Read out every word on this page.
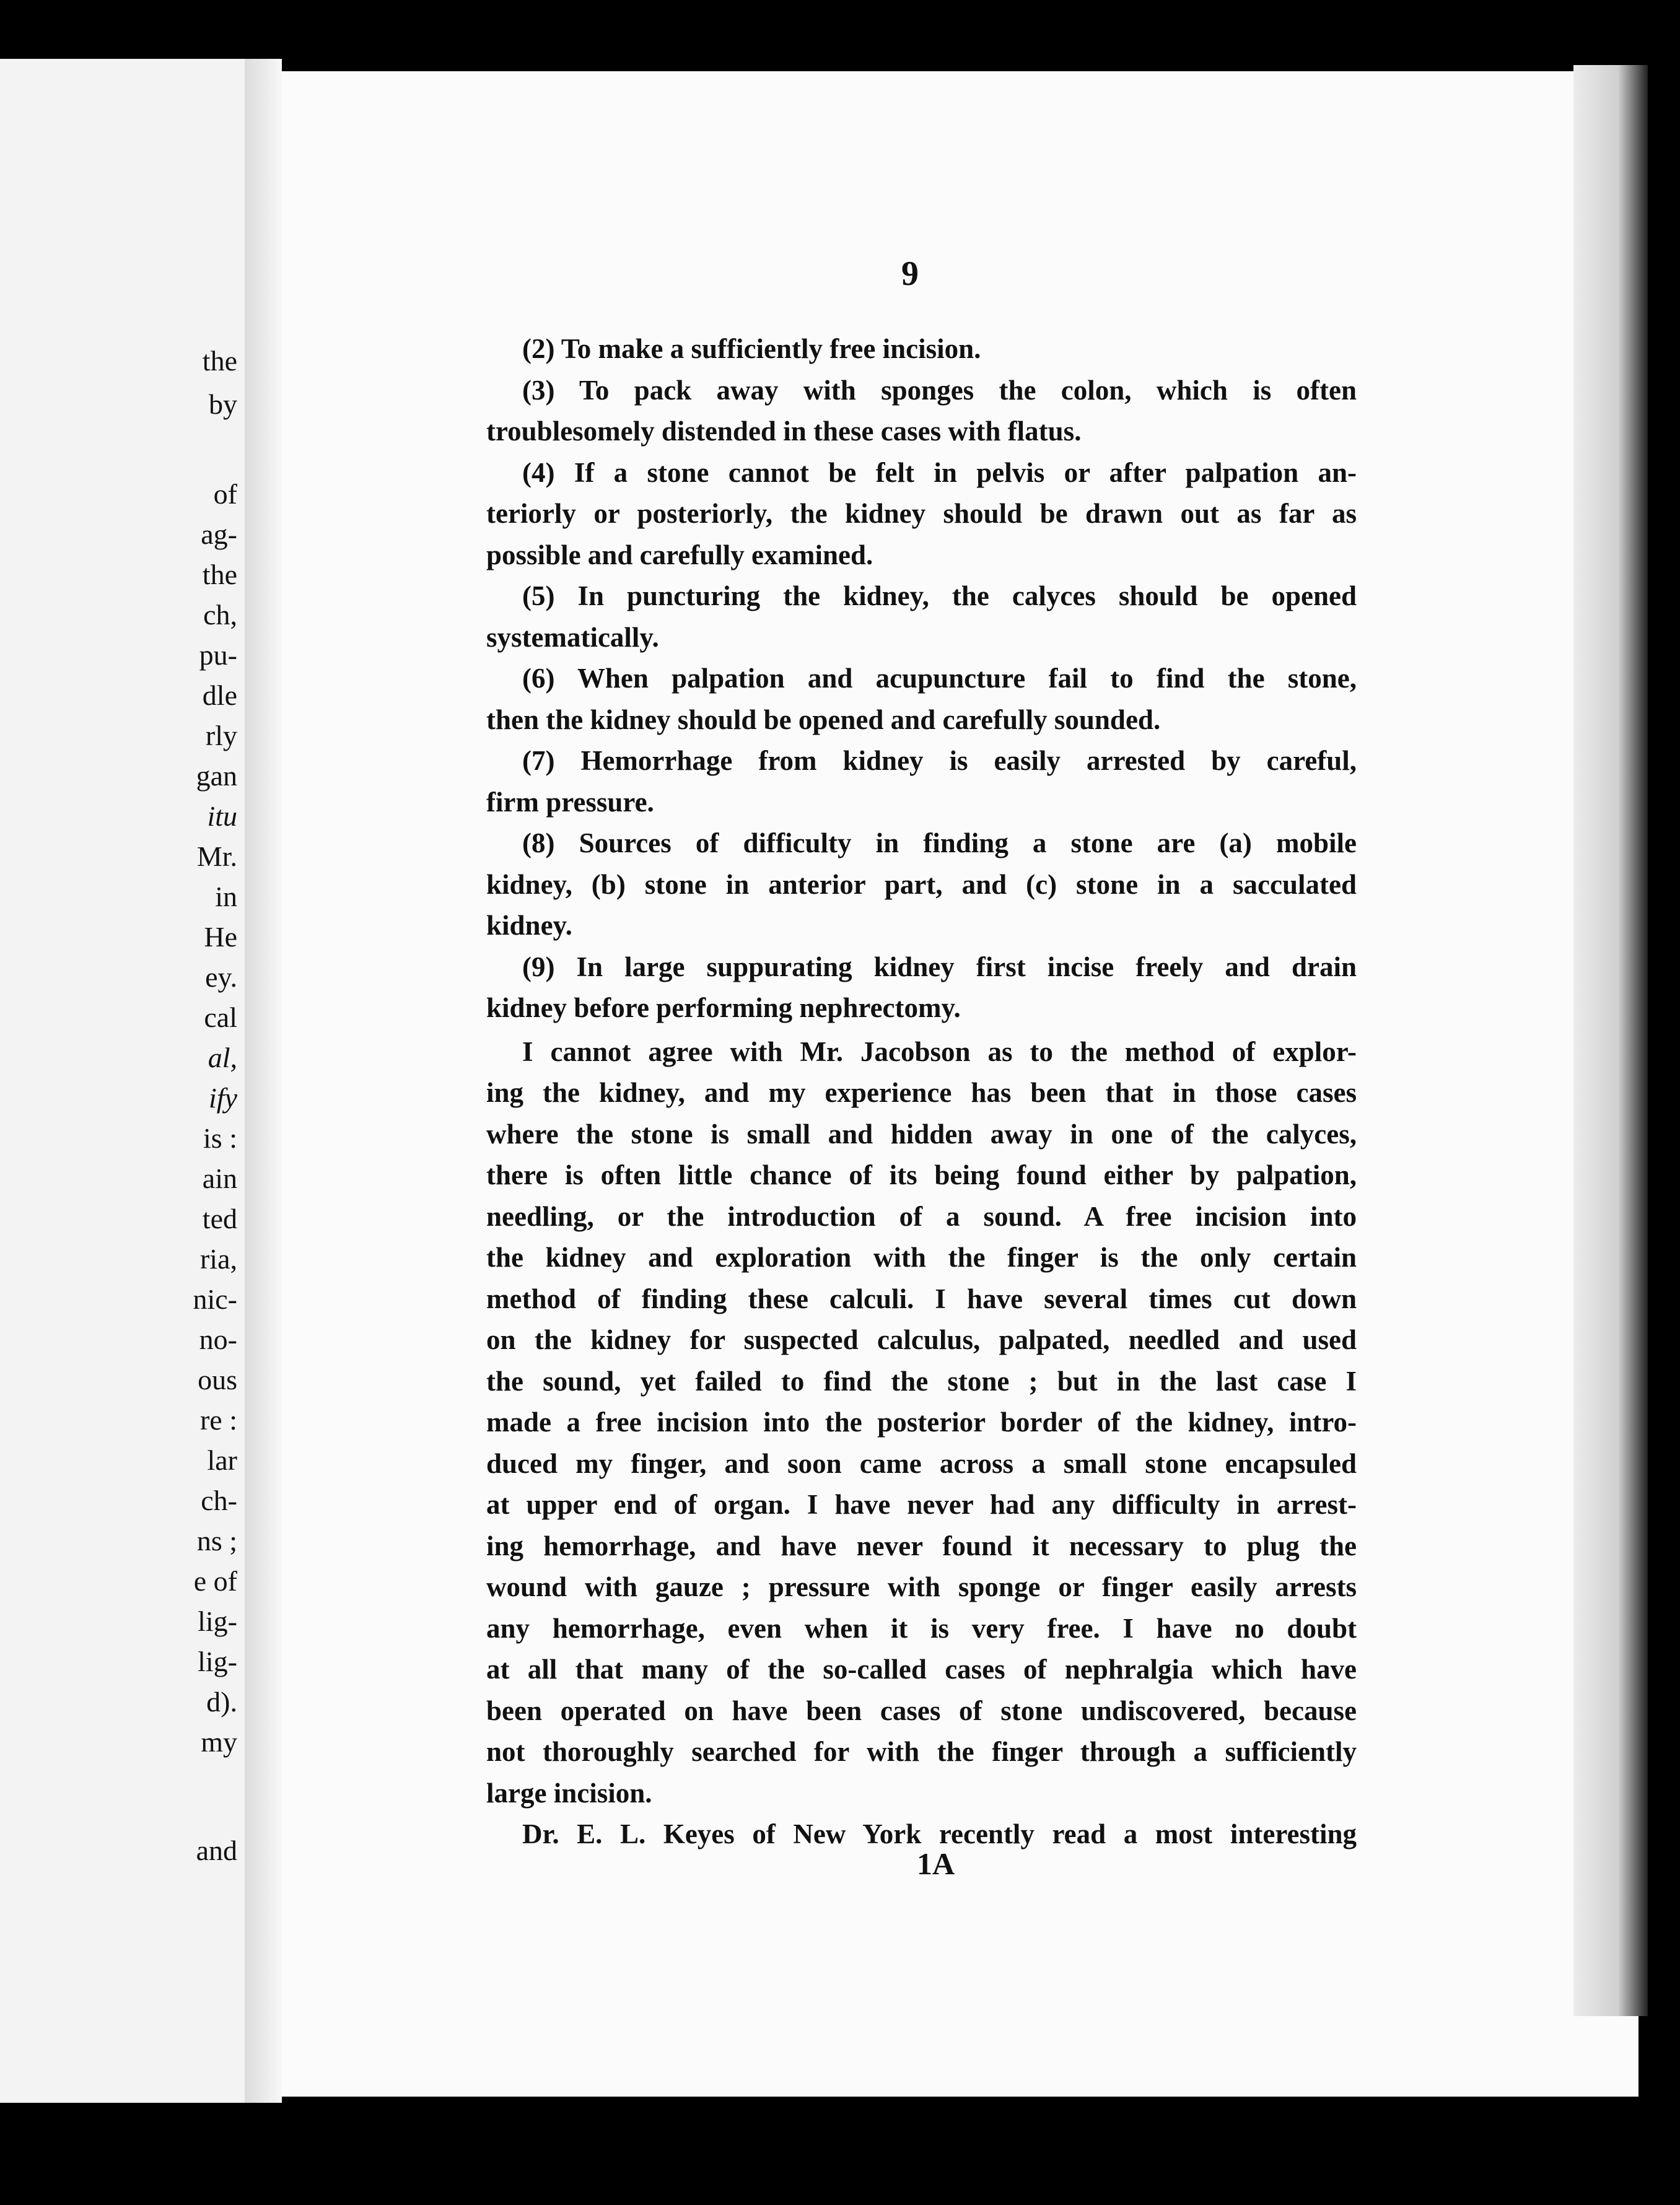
the
by
of
ag-
the
ch,
pu-
dle
rly
gan
itu
Mr.
in
He
ey.
cal
al,
ify
is :
ain
ted
ria,
nic-
no-
ous
re :
lar
ch-
ns ;
e of
lig-
lig-
d).
my
and
9
(2) To make a sufficiently free incision.
(3) To pack away with sponges the colon, which is often
troublesomely distended in these cases with flatus.
(4) If a stone cannot be felt in pelvis or after palpation an-
teriorly or posteriorly, the kidney should be drawn out as far as
possible and carefully examined.
(5) In puncturing the kidney, the calyces should be opened
systematically.
(6) When palpation and acupuncture fail to find the stone,
then the kidney should be opened and carefully sounded.
(7) Hemorrhage from kidney is easily arrested by careful,
firm pressure.
(8) Sources of difficulty in finding a stone are (a) mobile
kidney, (b) stone in anterior part, and (c) stone in a sacculated
kidney.
(9) In large suppurating kidney first incise freely and drain
kidney before performing nephrectomy.
I cannot agree with Mr. Jacobson as to the method of explor-
ing the kidney, and my experience has been that in those cases
where the stone is small and hidden away in one of the calyces,
there is often little chance of its being found either by palpation,
needling, or the introduction of a sound. A free incision into
the kidney and exploration with the finger is the only certain
method of finding these calculi. I have several times cut down
on the kidney for suspected calculus, palpated, needled and used
the sound, yet failed to find the stone ; but in the last case I
made a free incision into the posterior border of the kidney, intro-
duced my finger, and soon came across a small stone encapsuled
at upper end of organ. I have never had any difficulty in arrest-
ing hemorrhage, and have never found it necessary to plug the
wound with gauze ; pressure with sponge or finger easily arrests
any hemorrhage, even when it is very free. I have no doubt
at all that many of the so-called cases of nephralgia which have
been operated on have been cases of stone undiscovered, because
not thoroughly searched for with the finger through a sufficiently
large incision.
Dr. E. L. Keyes of New York recently read a most interesting
1A
